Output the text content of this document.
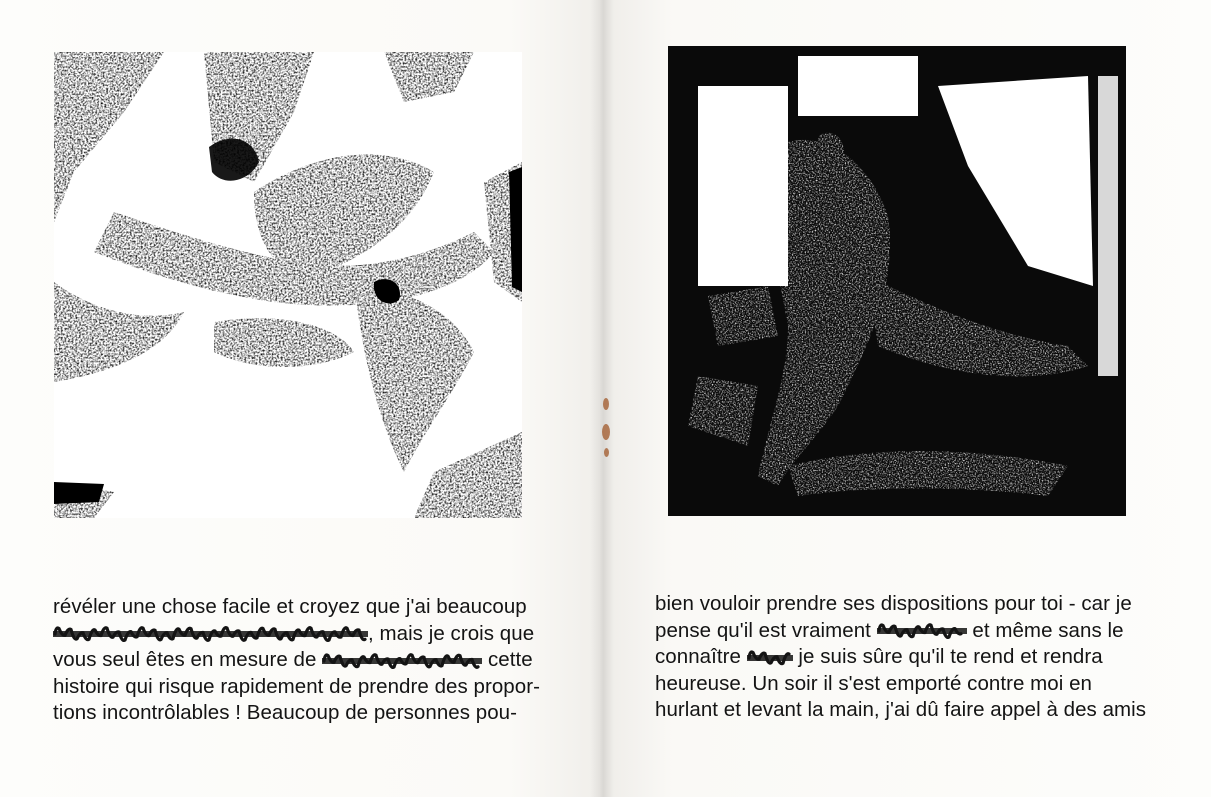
révéler une chose facile et croyez que j'ai beaucoup
, mais je crois que
vous seul êtes en mesure de	cette
histoire qui risque rapidement de prendre des propor-
tions incontrôlables ! Beaucoup de personnes pou-
bien vouloir prendre ses dispositions pour toi - car je
pense qu'il est vraiment	et même sans le
connaître	je suis sûre qu'il te rend et rendra
heureuse. Un soir il s'est emporté contre moi en
hurlant et levant la main, j'ai dû faire appel à des amis
